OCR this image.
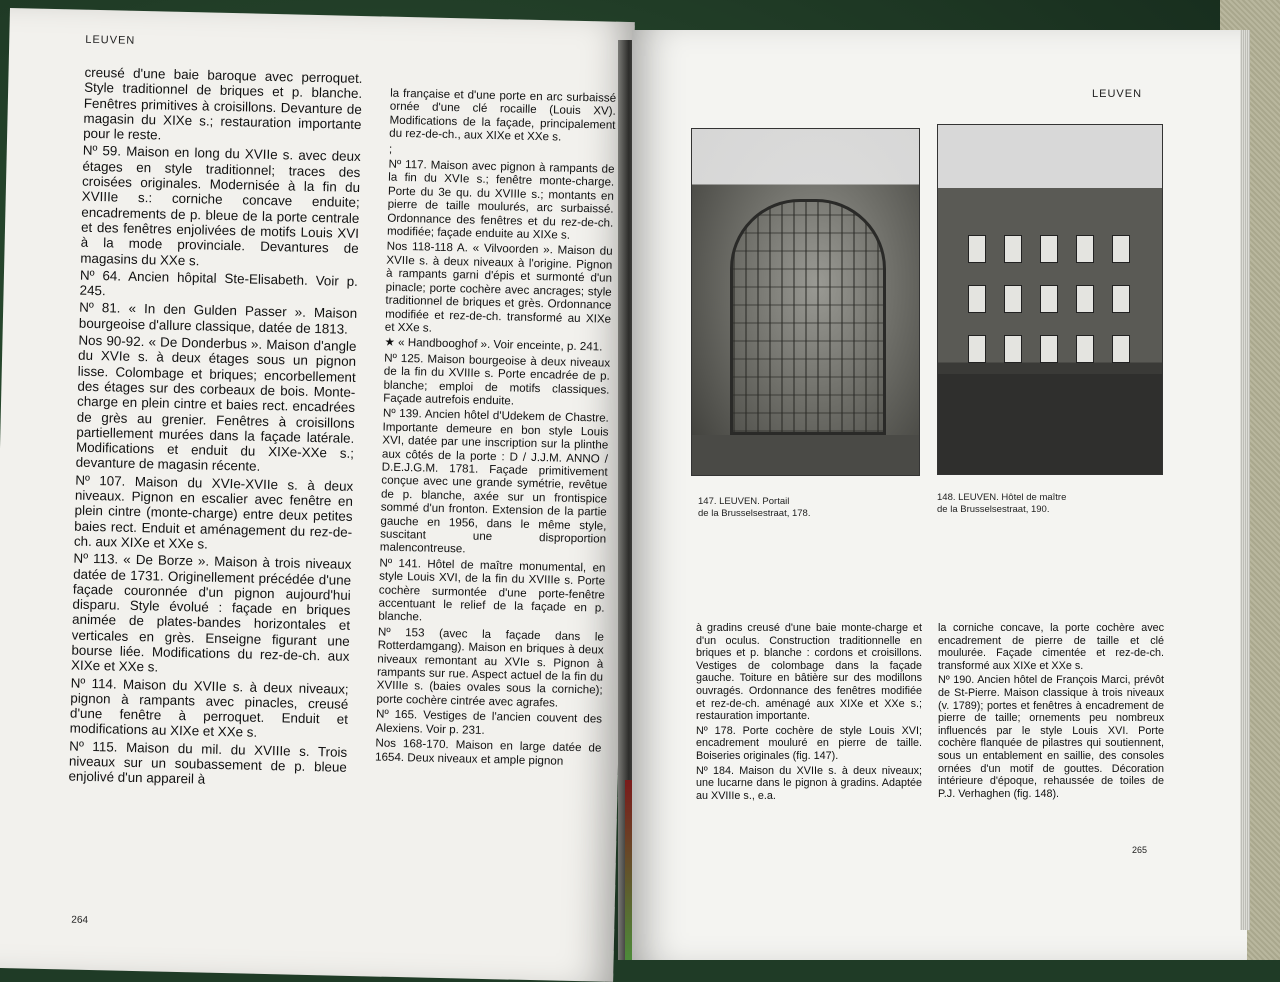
LEUVEN

creusé d'une baie baroque avec perroquet. Style traditionnel de briques et p. blanche. Fenêtres primitives à croisillons. Devanture de magasin du XIXe s.; restauration importante pour le reste.

Nº 59. Maison en long du XVIIe s. avec deux étages en style traditionnel; traces des croisées originales. Modernisée à la fin du XVIIIe s.: corniche concave enduite; encadrements de p. bleue de la porte centrale et des fenêtres enjolivées de motifs Louis XVI à la mode provinciale. Devantures de magasins du XXe s.

Nº 64. Ancien hôpital Ste-Elisabeth. Voir p. 245.

Nº 81. « In den Gulden Passer ». Maison bourgeoise d'allure classique, datée de 1813.

Nos 90-92. « De Donderbus ». Maison d'angle du XVIe s. à deux étages sous un pignon lisse. Colombage et briques; encorbellement des étages sur des corbeaux de bois. Monte-charge en plein cintre et baies rect. encadrées de grès au grenier. Fenêtres à croisillons partiellement murées dans la façade latérale. Modifications et enduit du XIXe-XXe s.; devanture de magasin récente.

Nº 107. Maison du XVIe-XVIIe s. à deux niveaux. Pignon en escalier avec fenêtre en plein cintre (monte-charge) entre deux petites baies rect. Enduit et aménagement du rez-de-ch. aux XIXe et XXe s.

Nº 113. « De Borze ». Maison à trois niveaux datée de 1731. Originellement précédée d'une façade couronnée d'un pignon aujourd'hui disparu. Style évolué : façade en briques animée de plates-bandes horizontales et verticales en grès. Enseigne figurant une bourse liée. Modifications du rez-de-ch. aux XIXe et XXe s.

Nº 114. Maison du XVIIe s. à deux niveaux; pignon à rampants avec pinacles, creusé d'une fenêtre à perroquet. Enduit et modifications au XIXe et XXe s.

Nº 115. Maison du mil. du XVIIIe s. Trois niveaux sur un soubassement de p. bleue enjolivé d'un appareil à

la française et d'une porte en arc surbaissé ornée d'une clé rocaille (Louis XV). Modifications de la façade, principalement du rez-de-ch., aux XIXe et XXe s.

;

Nº 117. Maison avec pignon à rampants de la fin du XVIe s.; fenêtre monte-charge. Porte du 3e qu. du XVIIIe s.; montants en pierre de taille moulurés, arc surbaissé. Ordonnance des fenêtres et du rez-de-ch. modifiée; façade enduite au XIXe s.

Nos 118-118 A. « Vilvoorden ». Maison du XVIIe s. à deux niveaux à l'origine. Pignon à rampants garni d'épis et surmonté d'un pinacle; porte cochère avec ancrages; style traditionnel de briques et grès. Ordonnance modifiée et rez-de-ch. transformé au XIXe et XXe s.

★ « Handbooghof ». Voir enceinte, p. 241.

Nº 125. Maison bourgeoise à deux niveaux de la fin du XVIIIe s. Porte encadrée de p. blanche; emploi de motifs classiques. Façade autrefois enduite.

Nº 139. Ancien hôtel d'Udekem de Chastre. Importante demeure en bon style Louis XVI, datée par une inscription sur la plinthe aux côtés de la porte : D / J.J.M. ANNO / D.E.J.G.M. 1781. Façade primitivement conçue avec une grande symétrie, revêtue de p. blanche, axée sur un frontispice sommé d'un fronton. Extension de la partie gauche en 1956, dans le même style, suscitant une disproportion malencontreuse.

Nº 141. Hôtel de maître monumental, en style Louis XVI, de la fin du XVIIIe s. Porte cochère surmontée d'une porte-fenêtre accentuant le relief de la façade en p. blanche.

Nº 153 (avec la façade dans le Rotterdamgang). Maison en briques à deux niveaux remontant au XVIe s. Pignon à rampants sur rue. Aspect actuel de la fin du XVIIIe s. (baies ovales sous la corniche); porte cochère cintrée avec agrafes.

Nº 165. Vestiges de l'ancien couvent des Alexiens. Voir p. 231.

Nos 168-170. Maison en large datée de 1654. Deux niveaux et ample pignon

264
LEUVEN
147. LEUVEN. Portail
de la Brusselsestraat, 178.
148. LEUVEN. Hôtel de maître
de la Brusselsestraat, 190.

à gradins creusé d'une baie monte-charge et d'un oculus. Construction traditionnelle en briques et p. blanche : cordons et croisillons. Vestiges de colombage dans la façade gauche. Toiture en bâtière sur des modillons ouvragés. Ordonnance des fenêtres modifiée et rez-de-ch. aménagé aux XIXe et XXe s.; restauration importante.

Nº 178. Porte cochère de style Louis XVI; encadrement mouluré en pierre de taille. Boiseries originales (fig. 147).

Nº 184. Maison du XVIIe s. à deux niveaux; une lucarne dans le pignon à gradins. Adaptée au XVIIIe s., e.a.

la corniche concave, la porte cochère avec encadrement de pierre de taille et clé moulurée. Façade cimentée et rez-de-ch. transformé aux XIXe et XXe s.

Nº 190. Ancien hôtel de François Marci, prévôt de St-Pierre. Maison classique à trois niveaux (v. 1789); portes et fenêtres à encadrement de pierre de taille; ornements peu nombreux influencés par le style Louis XVI. Porte cochère flanquée de pilastres qui soutiennent, sous un entablement en saillie, des consoles ornées d'un motif de gouttes. Décoration intérieure d'époque, rehaussée de toiles de P.J. Verhaghen (fig. 148).

265
